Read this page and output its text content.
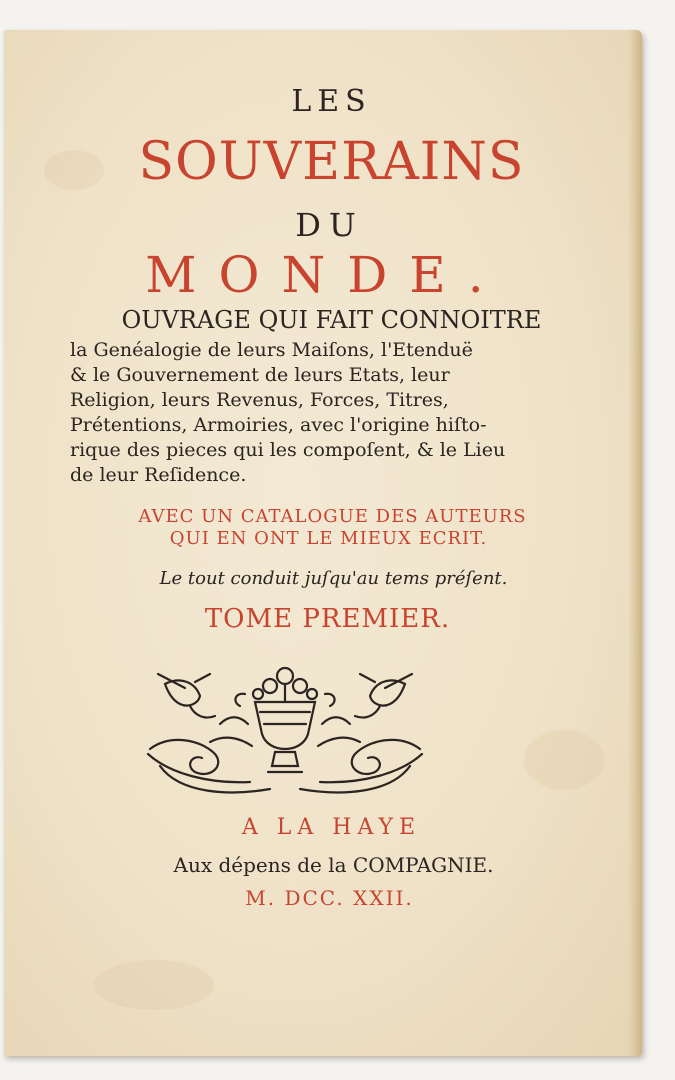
LES
SOUVERAINS
DU
MONDE.
OUVRAGE QUI FAIT CONNOITRE
la Genéalogie de leurs Maiſons, l'Etenduë
& le Gouvernement de leurs Etats, leur
Religion, leurs Revenus, Forces, Titres,
Prétentions, Armoiries, avec l'origine hiſto-
rique des pieces qui les compoſent, & le Lieu
de leur Reſidence.
AVEC UN CATALOGUE DES AUTEURS
QUI EN ONT LE MIEUX ECRIT.
Le tout conduit juſqu'au tems préſent.
TOME PREMIER.
A LA HAYE
Aux dépens de la COMPAGNIE.
M. DCC. XXII.
